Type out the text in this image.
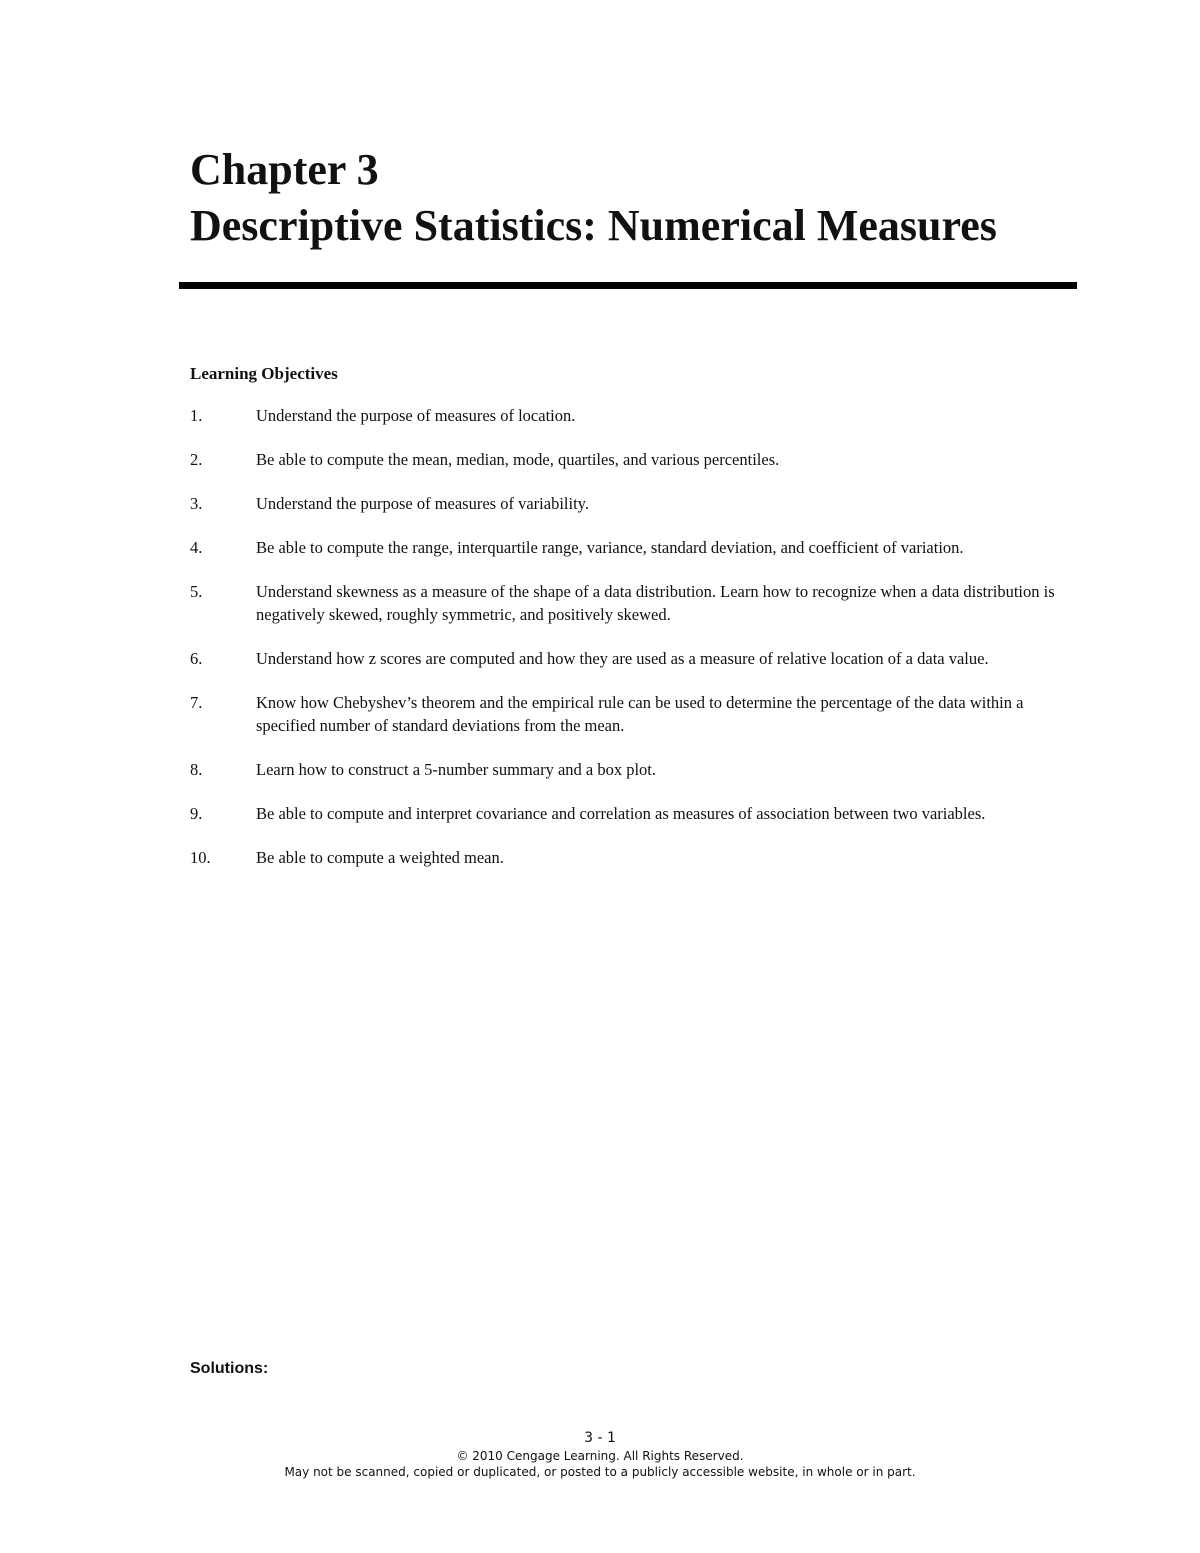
Chapter 3
Descriptive Statistics: Numerical Measures
Learning Objectives
1.	Understand the purpose of measures of location.
2.	Be able to compute the mean, median, mode, quartiles, and various percentiles.
3.	Understand the purpose of measures of variability.
4.	Be able to compute the range, interquartile range, variance, standard deviation, and coefficient of variation.
5.	Understand skewness as a measure of the shape of a data distribution. Learn how to recognize when a data distribution is negatively skewed, roughly symmetric, and positively skewed.
6.	Understand how z scores are computed and how they are used as a measure of relative location of a data value.
7.	Know how Chebyshev’s theorem and the empirical rule can be used to determine the percentage of the data within a specified number of standard deviations from the mean.
8.	Learn how to construct a 5-number summary and a box plot.
9.	Be able to compute and interpret covariance and correlation as measures of association between two variables.
10.	Be able to compute a weighted mean.

Solutions:

3 - 1
© 2010 Cengage Learning. All Rights Reserved.
May not be scanned, copied or duplicated, or posted to a publicly accessible website, in whole or in part.
